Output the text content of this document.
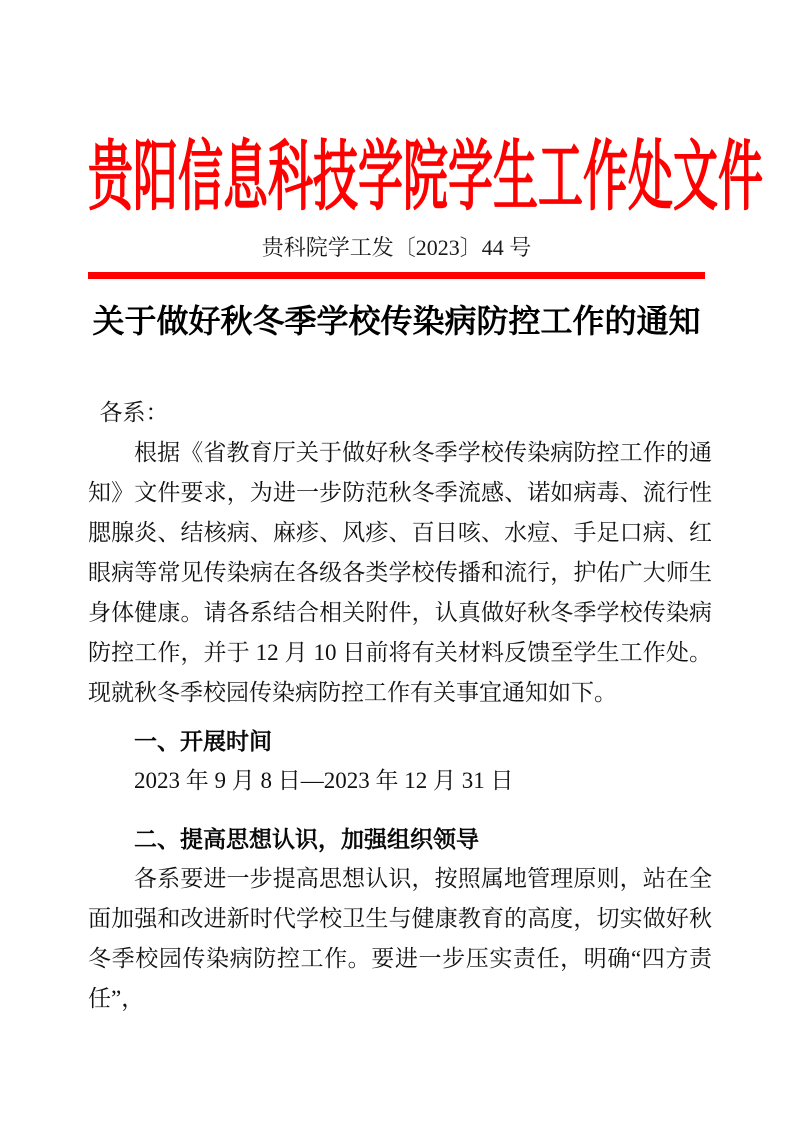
贵阳信息科技学院学生工作处文件
贵科院学工发〔2023〕44 号
关于做好秋冬季学校传染病防控工作的通知

各系：

根据《省教育厅关于做好秋冬季学校传染病防控工作的通知》文件要求，为进一步防范秋冬季流感、诺如病毒、流行性腮腺炎、结核病、麻疹、风疹、百日咳、水痘、手足口病、红眼病等常见传染病在各级各类学校传播和流行，护佑广大师生身体健康。请各系结合相关附件，认真做好秋冬季学校传染病防控工作，并于 12 月 10 日前将有关材料反馈至学生工作处。现就秋冬季校园传染病防控工作有关事宜通知如下。

一、开展时间

2023 年 9 月 8 日—2023 年 12 月 31 日

二、提高思想认识，加强组织领导

各系要进一步提高思想认识，按照属地管理原则，站在全面加强和改进新时代学校卫生与健康教育的高度，切实做好秋冬季校园传染病防控工作。要进一步压实责任，明确“四方责任”，
